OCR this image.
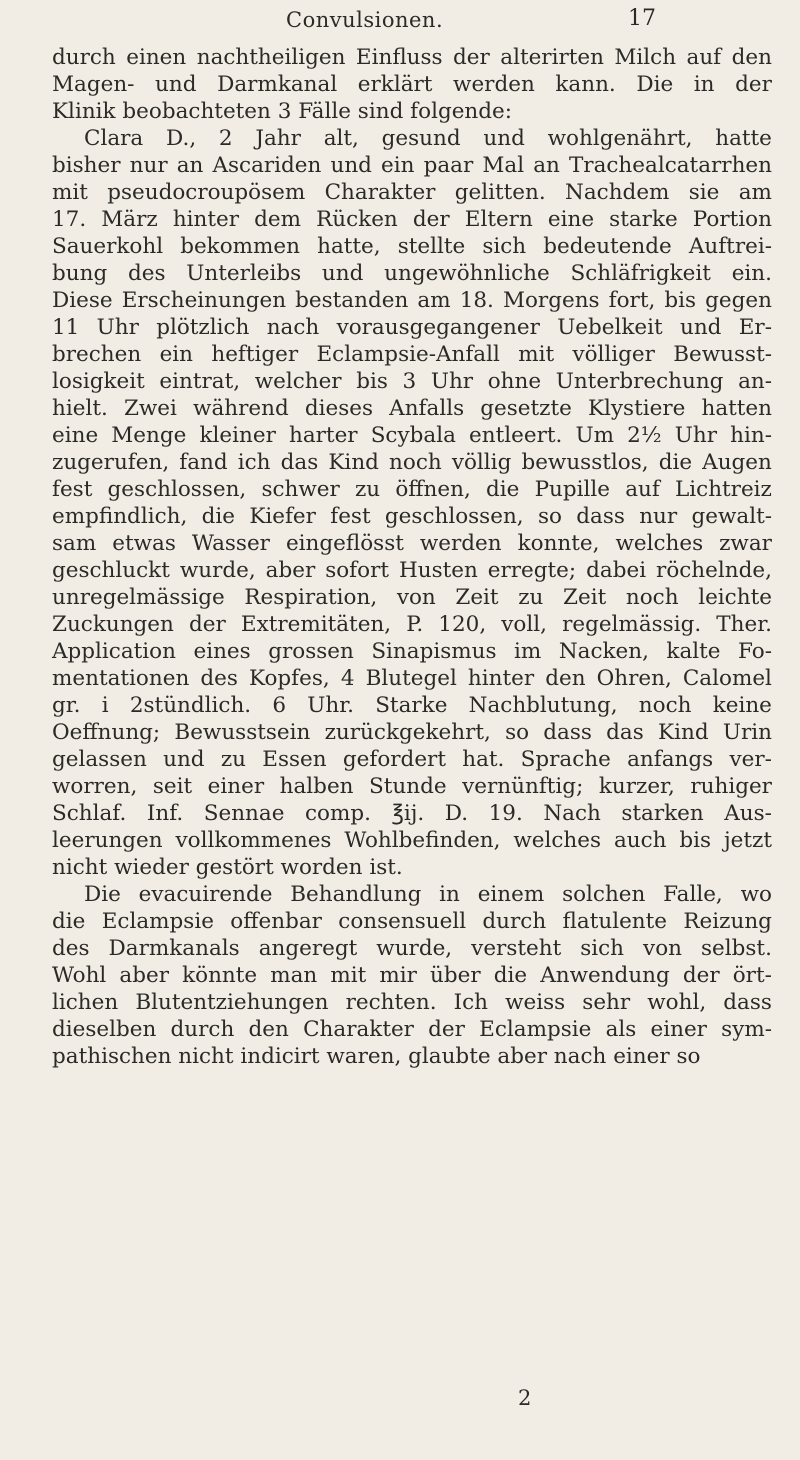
Convulsionen.	17
durch einen nachtheiligen Einfluss der alterirten Milch auf den
Magen- und Darmkanal erklärt werden kann. Die in der
Klinik beobachteten 3 Fälle sind folgende:
Clara D., 2 Jahr alt, gesund und wohlgenährt, hatte
bisher nur an Ascariden und ein paar Mal an Trachealcatarrhen
mit pseudocroupösem Charakter gelitten. Nachdem sie am
17. März hinter dem Rücken der Eltern eine starke Portion
Sauerkohl bekommen hatte, stellte sich bedeutende Auftrei-
bung des Unterleibs und ungewöhnliche Schläfrigkeit ein.
Diese Erscheinungen bestanden am 18. Morgens fort, bis gegen
11 Uhr plötzlich nach vorausgegangener Uebelkeit und Er-
brechen ein heftiger Eclampsie-Anfall mit völliger Bewusst-
losigkeit eintrat, welcher bis 3 Uhr ohne Unterbrechung an-
hielt. Zwei während dieses Anfalls gesetzte Klystiere hatten
eine Menge kleiner harter Scybala entleert. Um 2½ Uhr hin-
zugerufen, fand ich das Kind noch völlig bewusstlos, die Augen
fest geschlossen, schwer zu öffnen, die Pupille auf Lichtreiz
empfindlich, die Kiefer fest geschlossen, so dass nur gewalt-
sam etwas Wasser eingeflösst werden konnte, welches zwar
geschluckt wurde, aber sofort Husten erregte; dabei röchelnde,
unregelmässige Respiration, von Zeit zu Zeit noch leichte
Zuckungen der Extremitäten, P. 120, voll, regelmässig. Ther.
Application eines grossen Sinapismus im Nacken, kalte Fo-
mentationen des Kopfes, 4 Blutegel hinter den Ohren, Calomel
gr. i 2stündlich. 6 Uhr. Starke Nachblutung, noch keine
Oeffnung; Bewusstsein zurückgekehrt, so dass das Kind Urin
gelassen und zu Essen gefordert hat. Sprache anfangs ver-
worren, seit einer halben Stunde vernünftig; kurzer, ruhiger
Schlaf. Inf. Sennae comp. ℥ij. D. 19. Nach starken Aus-
leerungen vollkommenes Wohlbefinden, welches auch bis jetzt
nicht wieder gestört worden ist.
Die evacuirende Behandlung in einem solchen Falle, wo
die Eclampsie offenbar consensuell durch flatulente Reizung
des Darmkanals angeregt wurde, versteht sich von selbst.
Wohl aber könnte man mit mir über die Anwendung der ört-
lichen Blutentziehungen rechten. Ich weiss sehr wohl, dass
dieselben durch den Charakter der Eclampsie als einer sym-
pathischen nicht indicirt waren, glaubte aber nach einer so
2
